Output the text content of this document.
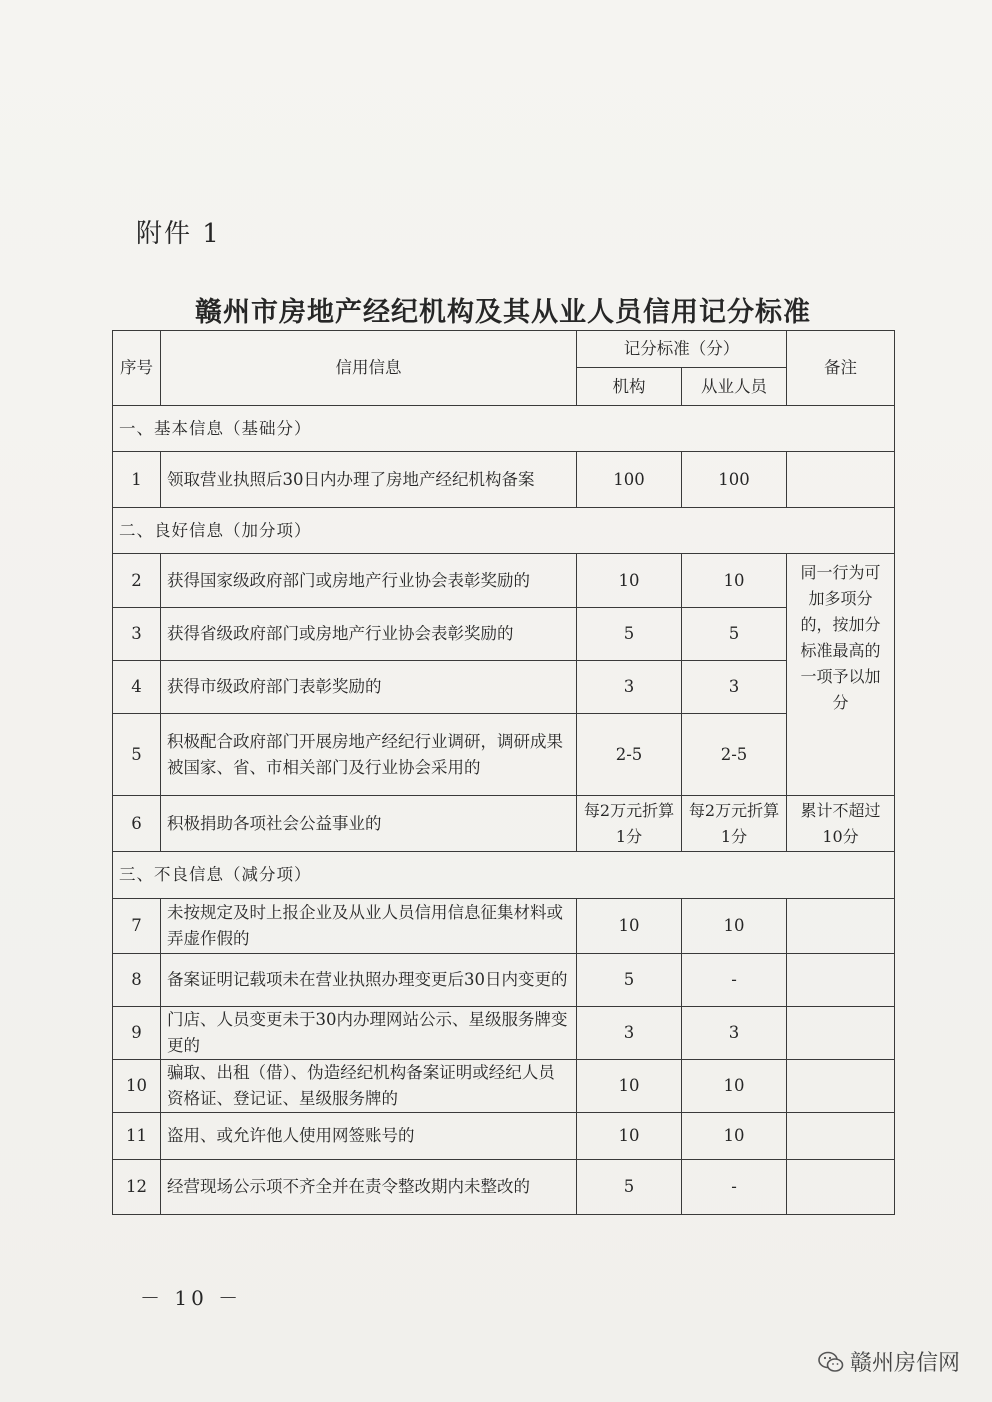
附件 1
赣州市房地产经纪机构及其从业人员信用记分标准
序号	信用信息	记分标准（分）		备注
		机构	从业人员	
一、基本信息（基础分）				
1	领取营业执照后30日内办理了房地产经纪机构备案	100	100	
二、良好信息（加分项）				
2	获得国家级政府部门或房地产行业协会表彰奖励的	10	10	同一行为可加多项分的，按加分标准最高的一项予以加分
3	获得省级政府部门或房地产行业协会表彰奖励的	5	5	
4	获得市级政府部门表彰奖励的	3	3	
5	积极配合政府部门开展房地产经纪行业调研，调研成果被国家、省、市相关部门及行业协会采用的	2-5	2-5	
6	积极捐助各项社会公益事业的	每2万元折算1分	每2万元折算1分	累计不超过10分
三、不良信息（减分项）				
7	未按规定及时上报企业及从业人员信用信息征集材料或弄虚作假的	10	10	
8	备案证明记载项未在营业执照办理变更后30日内变更的	5	-	
9	门店、人员变更未于30内办理网站公示、星级服务牌变更的	3	3	
10	骗取、出租（借）、伪造经纪机构备案证明或经纪人员资格证、登记证、星级服务牌的	10	10	
11	盗用、或允许他人使用网签账号的	10	10	
12	经营现场公示项不齐全并在责令整改期内未整改的	5	-	
－ 10 －
赣州房信网
